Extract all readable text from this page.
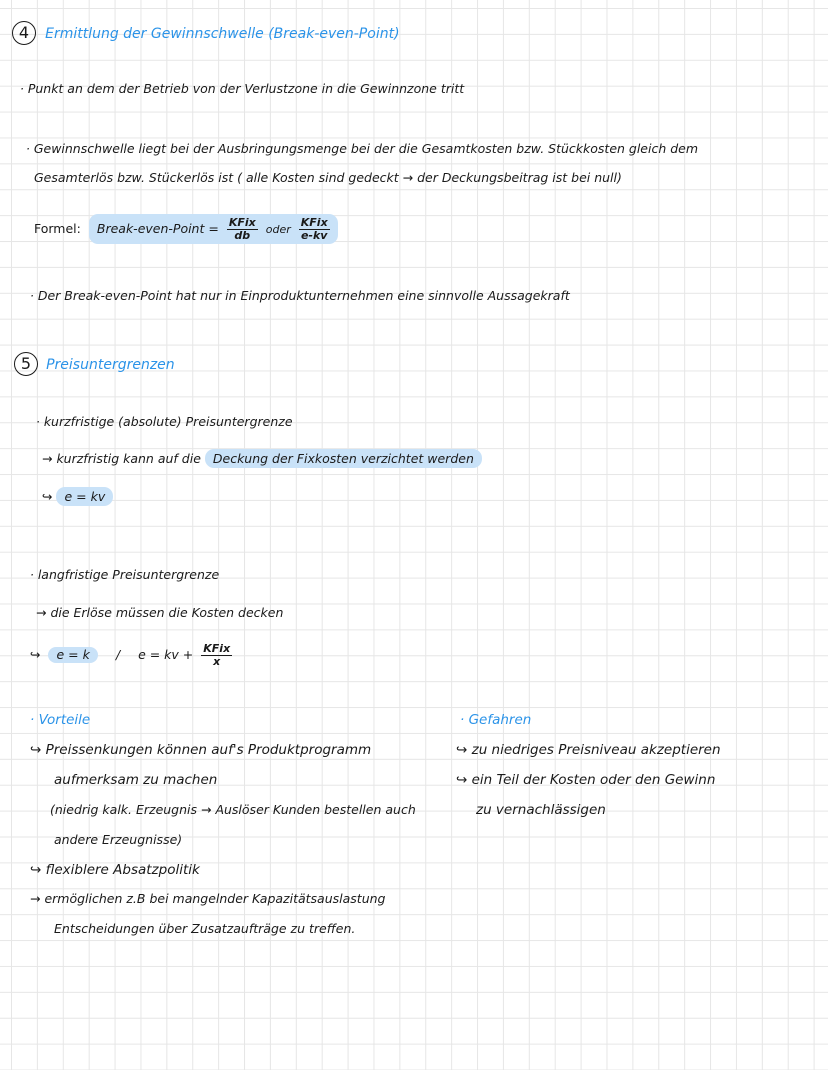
4 Ermittlung der Gewinnschwelle (Break-even-Point)
· Punkt an dem der Betrieb von der Verlustzone in die Gewinnzone tritt
· Gewinnschwelle liegt bei der Ausbringungsmenge bei der die Gesamtkosten bzw. Stückkosten gleich dem
Gesamterlös bzw. Stückerlös ist ( alle Kosten sind gedeckt → der Deckungsbeitrag ist bei null)
Formel: Break-even-Point = $\frac{\text{KFix}}{db}$ oder $\frac{\text{KFix}}{e-kv}$
· Der Break-even-Point hat nur in Einproduktunternehmen eine sinnvolle Aussagekraft
5 Preisuntergrenzen
· kurzfristige (absolute) Preisuntergrenze
→ kurzfristig kann auf die Deckung der Fixkosten verzichtet werden
↪ e = kv
· langfristige Preisuntergrenze
→ die Erlöse müssen die Kosten decken
↪	e = k	/ e = kv + $\frac{\text{KFix}}{x}$
· Vorteile
↪ Preissenkungen können auf's Produktprogramm
aufmerksam zu machen
(niedrig kalk. Erzeugnis → Auslöser Kunden bestellen auch
andere Erzeugnisse)
↪ flexiblere Absatzpolitik
→ ermöglichen z.B bei mangelnder Kapazitätsauslastung
Entscheidungen über Zusatzaufträge zu treffen.
· Gefahren
↪ zu niedriges Preisniveau akzeptieren
↪ ein Teil der Kosten oder den Gewinn
zu vernachlässigen
